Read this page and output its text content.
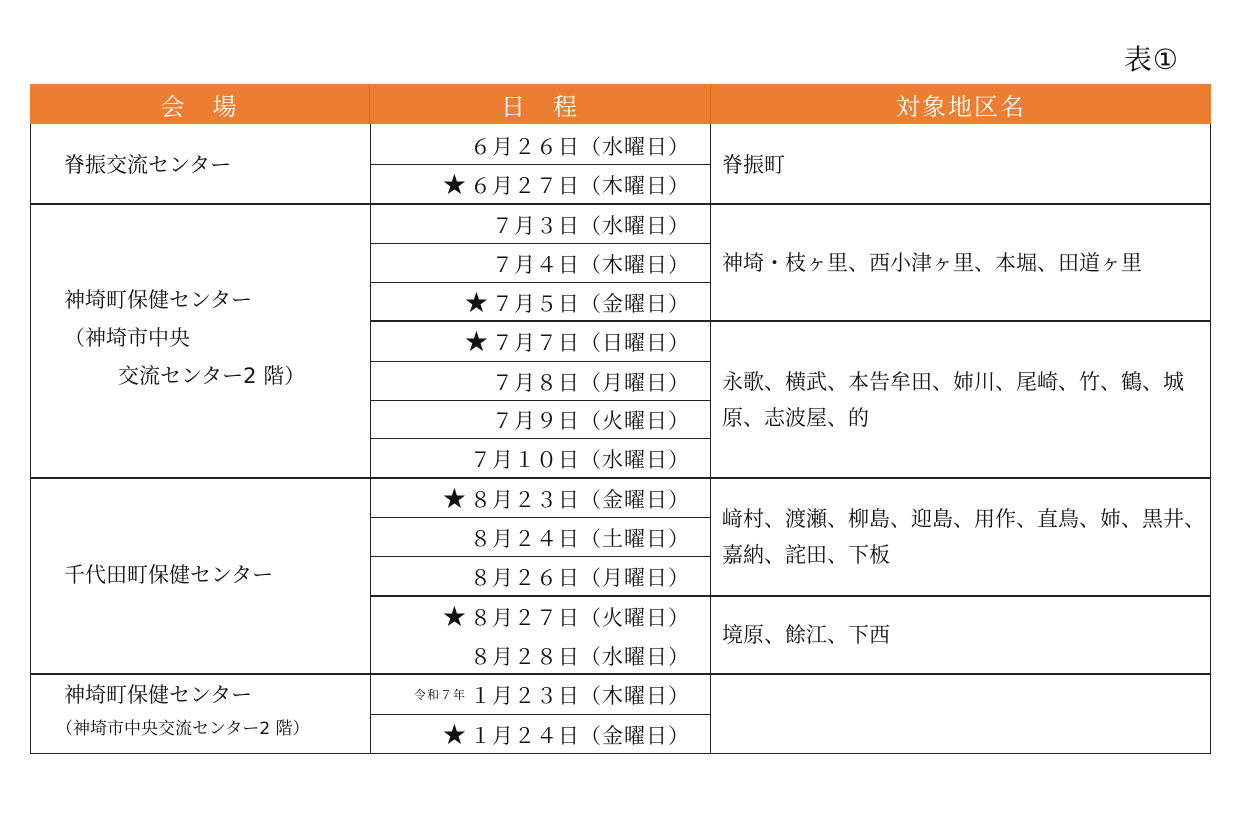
表①
会　場	日　程	対象地区名
６月２６日（水曜日）
★ ６月２７日（木曜日）
７月３日（水曜日）
７月４日（木曜日）
★ ７月５日（金曜日）
★ ７月７日（日曜日）
７月８日（月曜日）
７月９日（火曜日）
７月１０日（水曜日）
★ ８月２３日（金曜日）
８月２４日（土曜日）
８月２６日（月曜日）
★ ８月２７日（火曜日）
８月２８日（水曜日）
令和７年 １月２３日（木曜日）
★ １月２４日（金曜日）
脊振交流センター
神埼町保健センター
（神埼市中央
交流センター2 階）
千代田町保健センター
神埼町保健センター
（神埼市中央交流センター2 階）
脊振町
神埼・枝ヶ里、西小津ヶ里、本堀、田道ヶ里
永歌、横武、本告牟田、姉川、尾崎、竹、鶴、城原、志波屋、的
﨑村、渡瀬、柳島、迎島、用作、直鳥、姉、黒井、嘉納、詫田、下板
境原、餘江、下西
